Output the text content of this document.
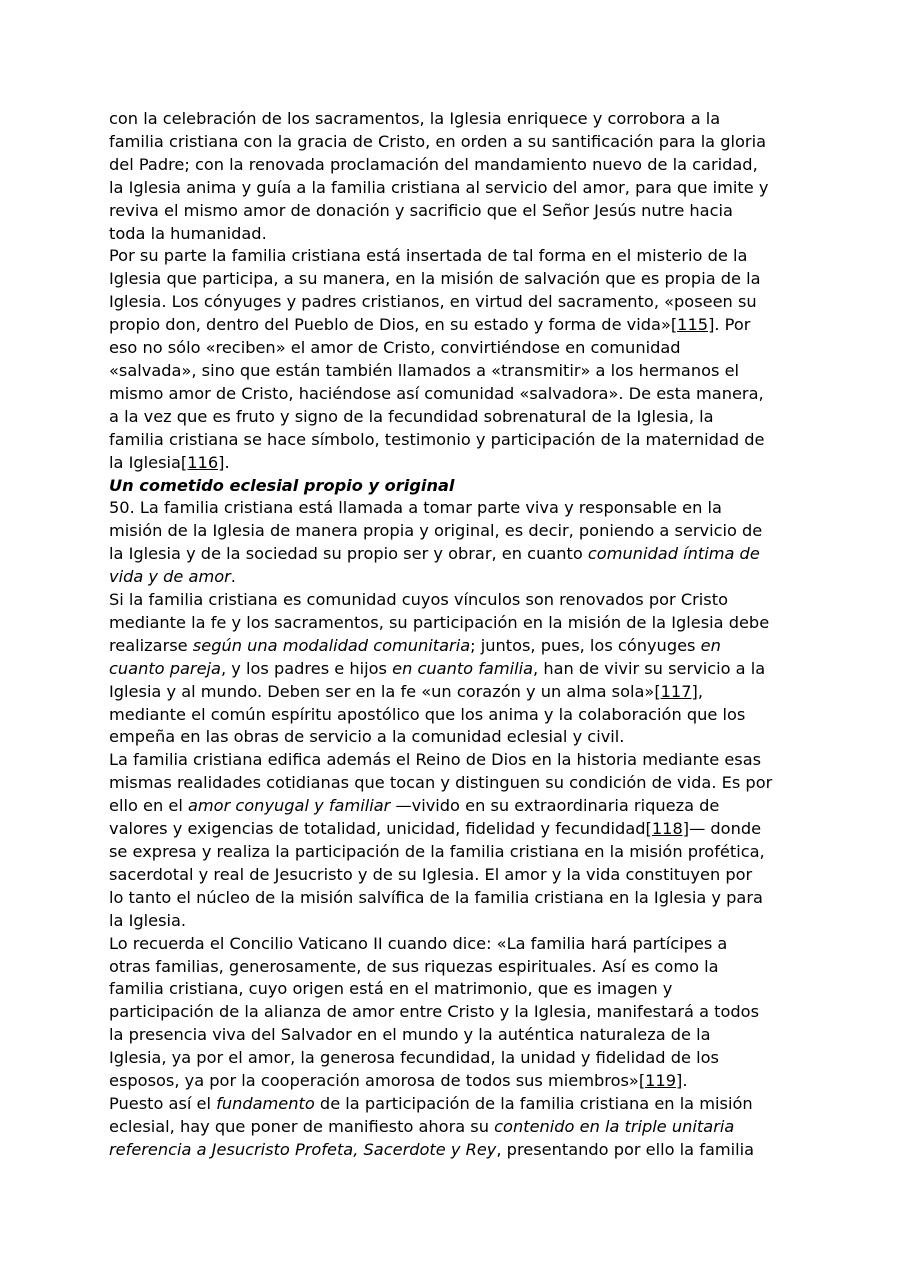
con la celebración de los sacramentos, la Iglesia enriquece y corrobora a la
familia cristiana con la gracia de Cristo, en orden a su santificación para la gloria
del Padre; con la renovada proclamación del mandamiento nuevo de la caridad,
la Iglesia anima y guía a la familia cristiana al servicio del amor, para que imite y
reviva el mismo amor de donación y sacrificio que el Señor Jesús nutre hacia
toda la humanidad.

Por su parte la familia cristiana está insertada de tal forma en el misterio de la
Iglesia que participa, a su manera, en la misión de salvación que es propia de la
Iglesia. Los cónyuges y padres cristianos, en virtud del sacramento, «poseen su
propio don, dentro del Pueblo de Dios, en su estado y forma de vida»[115]. Por
eso no sólo «reciben» el amor de Cristo, convirtiéndose en comunidad
«salvada», sino que están también llamados a «transmitir» a los hermanos el
mismo amor de Cristo, haciéndose así comunidad «salvadora». De esta manera,
a la vez que es fruto y signo de la fecundidad sobrenatural de la Iglesia, la
familia cristiana se hace símbolo, testimonio y participación de la maternidad de
la Iglesia[116].

Un cometido eclesial propio y original

50. La familia cristiana está llamada a tomar parte viva y responsable en la
misión de la Iglesia de manera propia y original, es decir, poniendo a servicio de
la Iglesia y de la sociedad su propio ser y obrar, en cuanto comunidad íntima de
vida y de amor.

Si la familia cristiana es comunidad cuyos vínculos son renovados por Cristo
mediante la fe y los sacramentos, su participación en la misión de la Iglesia debe
realizarse según una modalidad comunitaria; juntos, pues, los cónyuges en
cuanto pareja, y los padres e hijos en cuanto familia, han de vivir su servicio a la
Iglesia y al mundo. Deben ser en la fe «un corazón y un alma sola»[117],
mediante el común espíritu apostólico que los anima y la colaboración que los
empeña en las obras de servicio a la comunidad eclesial y civil.

La familia cristiana edifica además el Reino de Dios en la historia mediante esas
mismas realidades cotidianas que tocan y distinguen su condición de vida. Es por
ello en el amor conyugal y familiar —vivido en su extraordinaria riqueza de
valores y exigencias de totalidad, unicidad, fidelidad y fecundidad[118]— donde
se expresa y realiza la participación de la familia cristiana en la misión profética,
sacerdotal y real de Jesucristo y de su Iglesia. El amor y la vida constituyen por
lo tanto el núcleo de la misión salvífica de la familia cristiana en la Iglesia y para
la Iglesia.

Lo recuerda el Concilio Vaticano II cuando dice: «La familia hará partícipes a
otras familias, generosamente, de sus riquezas espirituales. Así es como la
familia cristiana, cuyo origen está en el matrimonio, que es imagen y
participación de la alianza de amor entre Cristo y la Iglesia, manifestará a todos
la presencia viva del Salvador en el mundo y la auténtica naturaleza de la
Iglesia, ya por el amor, la generosa fecundidad, la unidad y fidelidad de los
esposos, ya por la cooperación amorosa de todos sus miembros»[119].

Puesto así el fundamento de la participación de la familia cristiana en la misión
eclesial, hay que poner de manifiesto ahora su contenido en la triple unitaria
referencia a Jesucristo Profeta, Sacerdote y Rey, presentando por ello la familia
